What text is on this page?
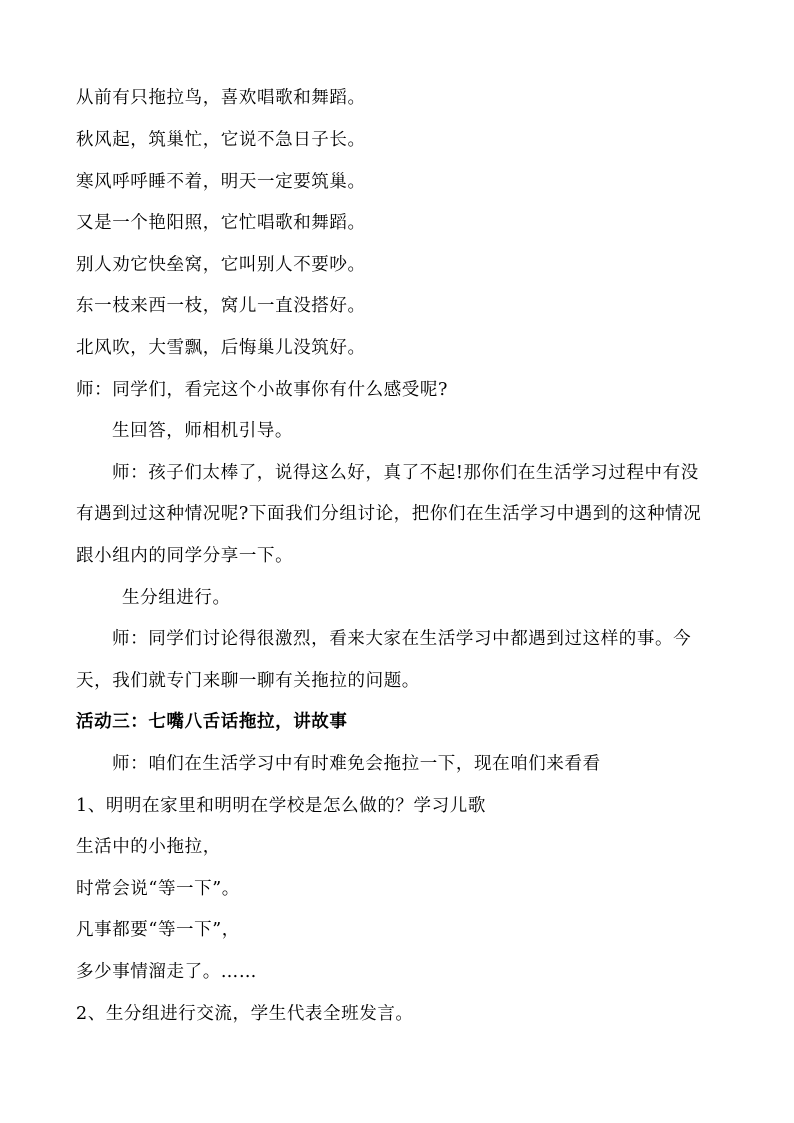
从前有只拖拉鸟，喜欢唱歌和舞蹈。
秋风起，筑巢忙，它说不急日子长。
寒风呼呼睡不着，明天一定要筑巢。
又是一个艳阳照，它忙唱歌和舞蹈。
别人劝它快垒窝，它叫别人不要吵。
东一枝来西一枝，窝儿一直没搭好。
北风吹，大雪飘，后悔巢儿没筑好。
师：同学们，看完这个小故事你有什么感受呢?
生回答，师相机引导。
师：孩子们太棒了，说得这么好，真了不起!那你们在生活学习过程中有没
有遇到过这种情况呢?下面我们分组讨论，把你们在生活学习中遇到的这种情况
跟小组内的同学分享一下。
生分组进行。
师：同学们讨论得很激烈，看来大家在生活学习中都遇到过这样的事。今
天，我们就专门来聊一聊有关拖拉的问题。
活动三：七嘴八舌话拖拉，讲故事
师：咱们在生活学习中有时难免会拖拉一下，现在咱们来看看
1、明明在家里和明明在学校是怎么做的？学习儿歌
生活中的小拖拉，
时常会说“等一下”。
凡事都要“等一下”，
多少事情溜走了。……
2、生分组进行交流，学生代表全班发言。
